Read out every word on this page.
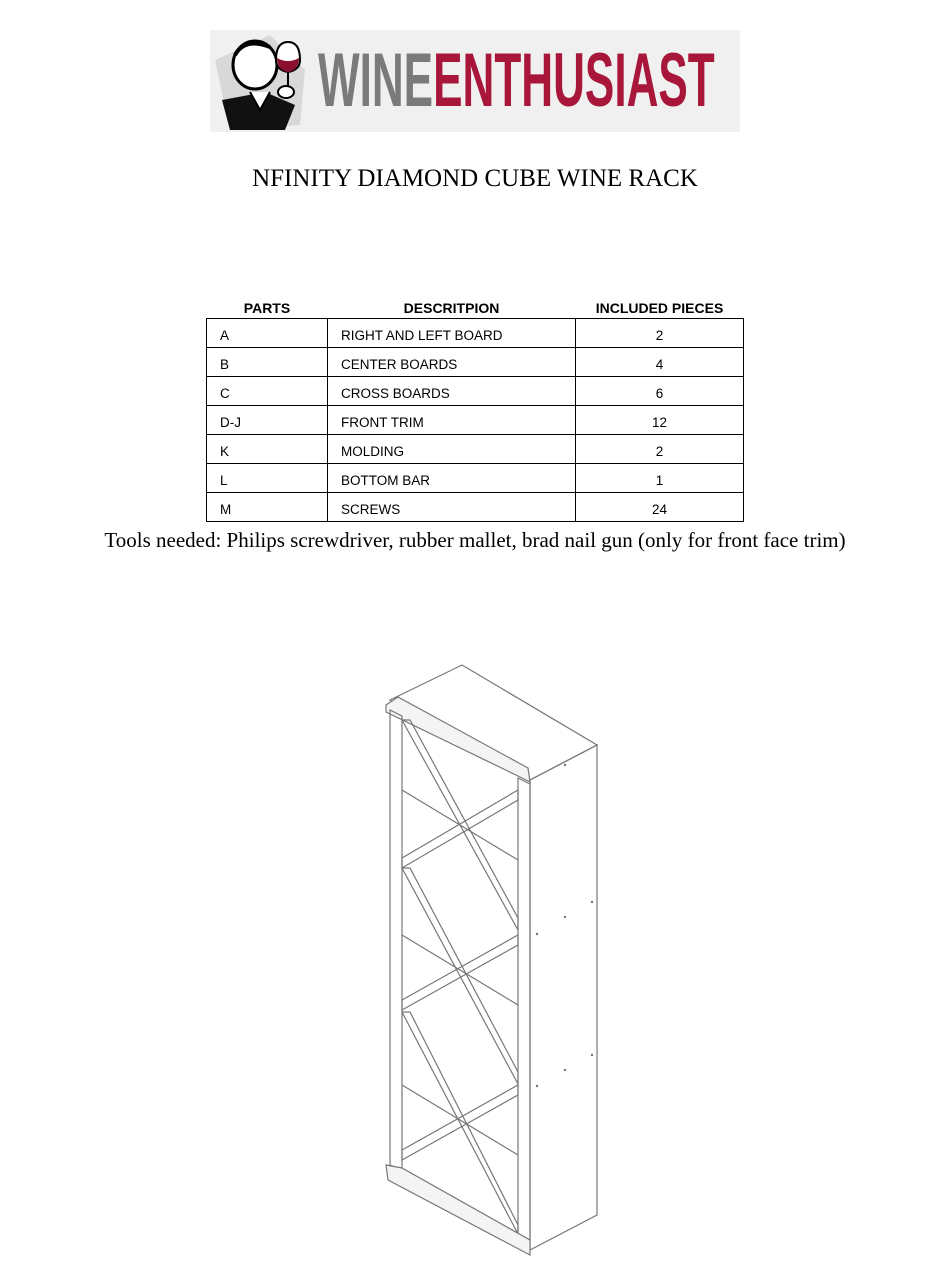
WINEENTHUSIAST
NFINITY DIAMOND CUBE WINE RACK
PARTS	DESCRITPION	INCLUDED PIECES
A	RIGHT AND LEFT BOARD	2
B	CENTER BOARDS	4
C	CROSS BOARDS	6
D-J	FRONT TRIM	12
K	MOLDING	2
L	BOTTOM BAR	1
M	SCREWS	24
Tools needed: Philips screwdriver, rubber mallet, brad nail gun (only for front face trim)
